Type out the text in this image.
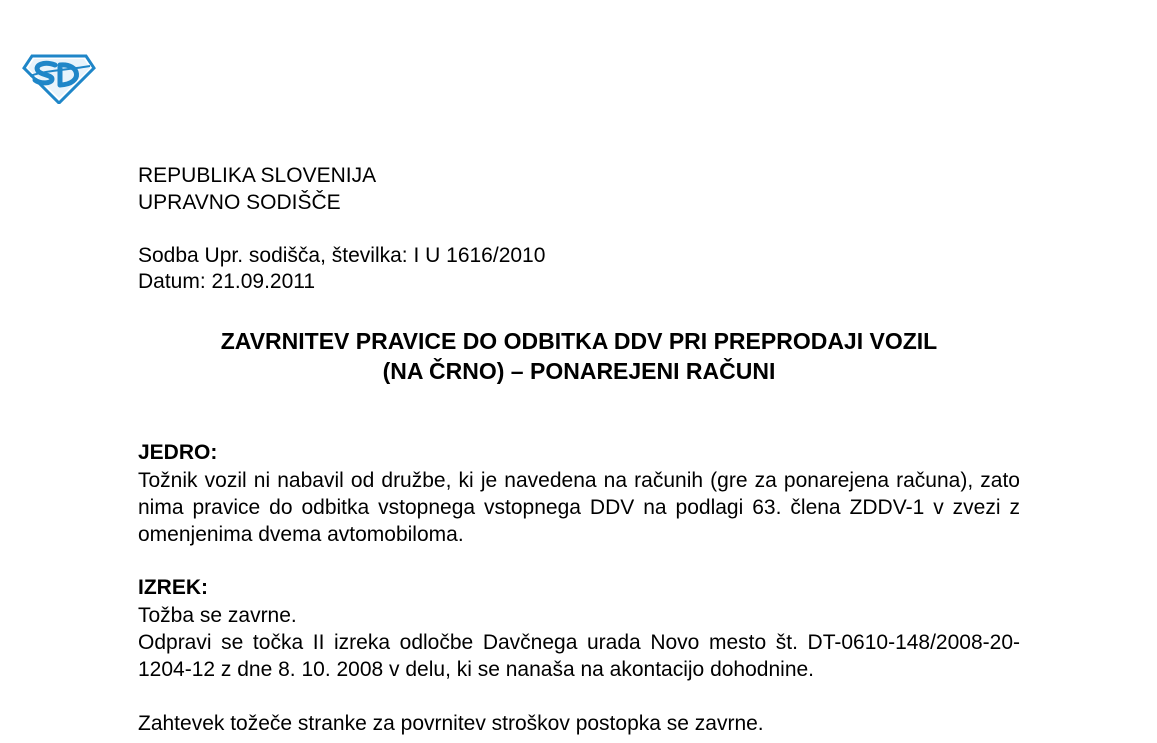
REPUBLIKA SLOVENIJA
UPRAVNO SODIŠČE
Sodba Upr. sodišča, številka: I U 1616/2010
Datum: 21.09.2011
ZAVRNITEV PRAVICE DO ODBITKA DDV PRI PREPRODAJI VOZIL
(NA ČRNO) – PONAREJENI RAČUNI
JEDRO:
Tožnik vozil ni nabavil od družbe, ki je navedena na računih (gre za ponarejena računa), zato nima pravice do odbitka vstopnega vstopnega DDV na podlagi 63. člena ZDDV-1 v zvezi z omenjenima dvema avtomobiloma.
IZREK:
Tožba se zavrne.
Odpravi se točka II izreka odločbe Davčnega urada Novo mesto št. DT-0610-148/2008-20-1204-12 z dne 8. 10. 2008 v delu, ki se nanaša na akontacijo dohodnine.
Zahtevek tožeče stranke za povrnitev stroškov postopka se zavrne.
